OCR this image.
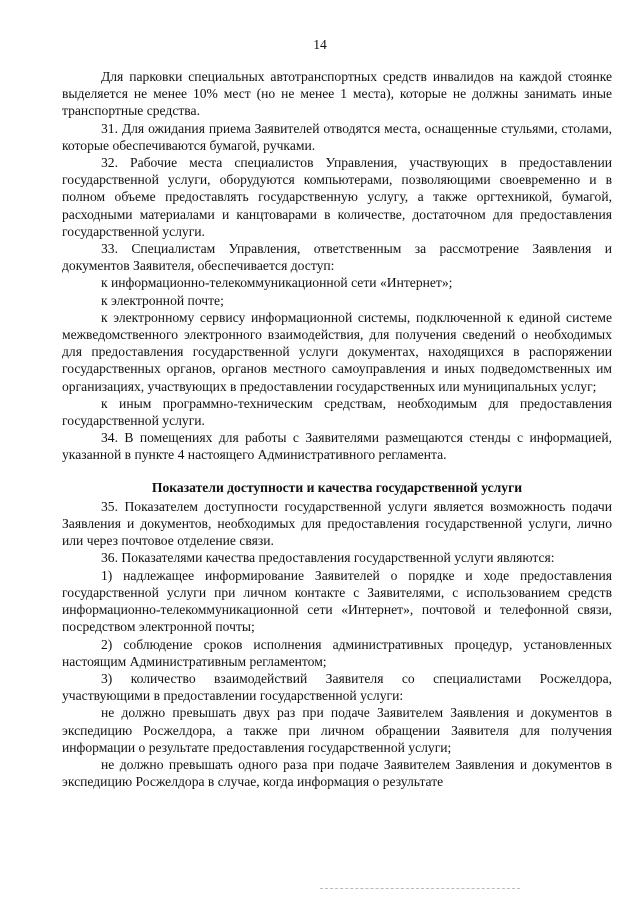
14

Для парковки специальных автотранспортных средств инвалидов на каждой стоянке выделяется не менее 10% мест (но не менее 1 места), которые не должны занимать иные транспортные средства.

31. Для ожидания приема Заявителей отводятся места, оснащенные стульями, столами, которые обеспечиваются бумагой, ручками.

32. Рабочие места специалистов Управления, участвующих в предоставлении государственной услуги, оборудуются компьютерами, позволяющими своевременно и в полном объеме предоставлять государственную услугу, а также оргтехникой, бумагой, расходными материалами и канцтоварами в количестве, достаточном для предоставления государственной услуги.

33. Специалистам Управления, ответственным за рассмотрение Заявления и документов Заявителя, обеспечивается доступ:

к информационно-телекоммуникационной сети «Интернет»;

к электронной почте;

к электронному сервису информационной системы, подключенной к единой системе межведомственного электронного взаимодействия, для получения сведений о необходимых для предоставления государственной услуги документах, находящихся в распоряжении государственных органов, органов местного самоуправления и иных подведомственных им организациях, участвующих в предоставлении государственных или муниципальных услуг;

к иным программно-техническим средствам, необходимым для предоставления государственной услуги.

34. В помещениях для работы с Заявителями размещаются стенды с информацией, указанной в пункте 4 настоящего Административного регламента.

Показатели доступности и качества государственной услуги

35. Показателем доступности государственной услуги является возможность подачи Заявления и документов, необходимых для предоставления государственной услуги, лично или через почтовое отделение связи.

36. Показателями качества предоставления государственной услуги являются:

1) надлежащее информирование Заявителей о порядке и ходе предоставления государственной услуги при личном контакте с Заявителями, с использованием средств информационно-телекоммуникационной сети «Интернет», почтовой и телефонной связи, посредством электронной почты;

2) соблюдение сроков исполнения административных процедур, установленных настоящим Административным регламентом;

3) количество взаимодействий Заявителя со специалистами Росжелдора, участвующими в предоставлении государственной услуги:

не должно превышать двух раз при подаче Заявителем Заявления и документов в экспедицию Росжелдора, а также при личном обращении Заявителя для получения информации о результате предоставления государственной услуги;

не должно превышать одного раза при подаче Заявителем Заявления и документов в экспедицию Росжелдора в случае, когда информация о результате
